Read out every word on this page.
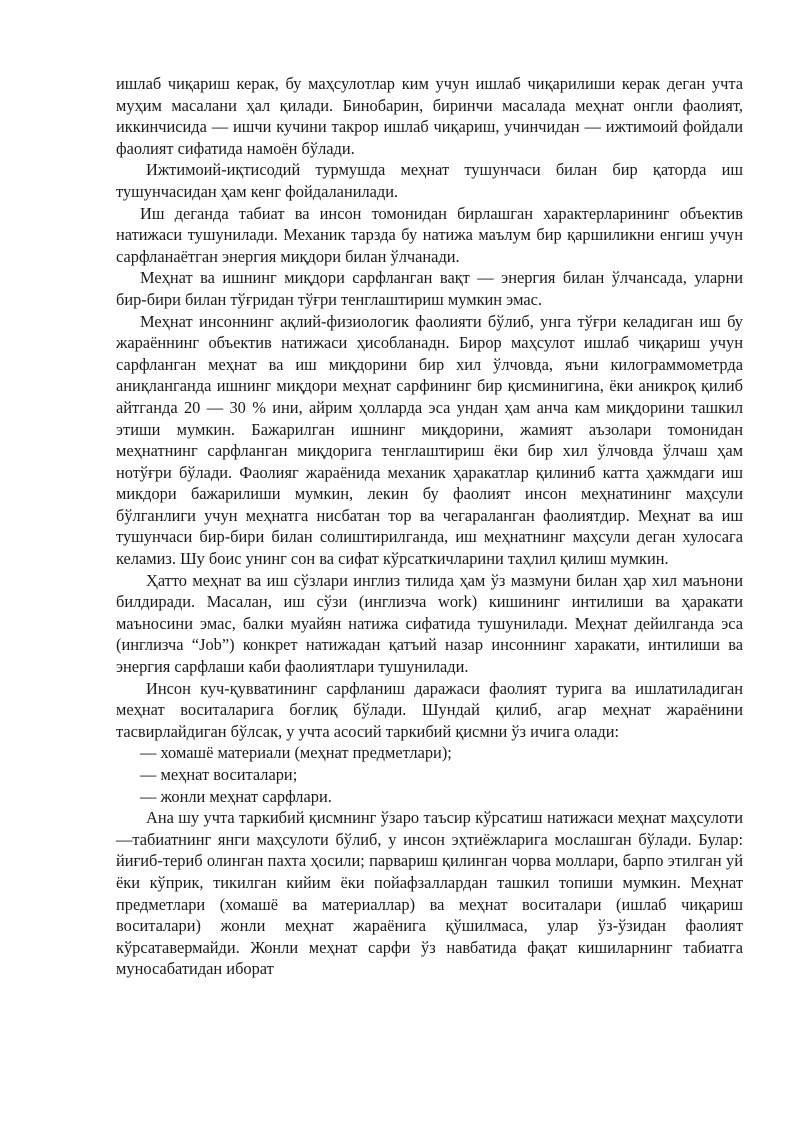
ишлаб чиқариш керак, бу маҳсулотлар ким учун ишлаб чиқарилиши керак деган учта муҳим масалани ҳал қилади. Бинобарин, биринчи масалада меҳнат онгли фаолият, иккинчисида — ишчи кучини такрор ишлаб чиқариш, учинчидан — ижтимоий фойдали фаолият сифатида намоён бўлади.

Ижтимоий-иқтисодий турмушда меҳнат тушунчаси билан бир қаторда иш тушунчасидан ҳам кенг фойдаланилади.

Иш деганда табиат ва инсон томонидан бирлашган характерларининг объектив натижаси тушунилади. Механик тарзда бу натижа маълум бир қаршиликни енгиш учун сарфланаётган энергия миқдори билан ўлчанади.

Меҳнат ва ишнинг миқдори сарфланган вақт — энергия билан ўлчансада, уларни бир-бири билан тўғридан тўғри тенглаштириш мумкин эмас.

Меҳнат инсоннинг ақлий-физиологик фаолияти бўлиб, унга тўғри келадиган иш бу жараённинг объектив натижаси ҳисобланадн. Бирор маҳсулот ишлаб чиқариш учун сарфланган меҳнат ва иш миқдорини бир хил ўлчовда, яъни килограммометрда аниқланганда ишнинг миқдори меҳнат сарфининг бир қисминигина, ёки аникроқ қилиб айтганда 20 — 30 % ини, айрим ҳолларда эса ундан ҳам анча кам миқдорини ташкил этиши мумкин. Бажарилган ишнинг миқдорини, жамият аъзолари томонидан меҳнатнинг сарфланган миқдорига тенглаштириш ёки бир хил ўлчовда ўлчаш ҳам нотўғри бўлади. Фаолияг жараёнида механик ҳаракатлар қилиниб катта ҳажмдаги иш микдори бажарилиши мумкин, лекин бу фаолият инсон меҳнатининг маҳсули бўлганлиги учун меҳнатга нисбатан тор ва чегараланган фаолиятдир. Меҳнат ва иш тушунчаси бир-бири билан солиштирилганда, иш меҳнатнинг маҳсули деган хулосага келамиз. Шу боис унинг сон ва сифат кўрсаткичларини таҳлил қилиш мумкин.

Ҳатто меҳнат ва иш сўзлари инглиз тилида ҳам ўз мазмуни билан ҳар хил маънони билдиради. Масалан, иш сўзи (инглизча work) кишининг интилиши ва ҳаракати маъносини эмас, балки муайян натижа сифатида тушунилади. Меҳнат дейилганда эса (инглизча “Job”) конкрет натижадан қатъий назар инсоннинг харакати, интилиши ва энергия сарфлаши каби фаолиятлари тушунилади.

Инсон куч-қувватининг сарфланиш даражаси фаолият турига ва ишлатиладиган меҳнат воситаларига боғлиқ бўлади. Шундай қилиб, агар меҳнат жараёнини тасвирлайдиган бўлсак, у учта асосий таркибий қисмни ўз ичига олади:

— хомашё материали (меҳнат предметлари);
— меҳнат воситалари;
— жонли меҳнат сарфлари.

Ана шу учта таркибий қисмнинг ўзаро таъсир кўрсатиш натижаси меҳнат маҳсулоти —табиатнинг янги маҳсулоти бўлиб, у инсон эҳтиёжларига мослашган бўлади. Булар: йиғиб-териб олинган пахта ҳосили; парвариш қилинган чорва моллари, барпо этилган уй ёки кўприк, тикилган кийим ёки пойафзаллардан ташкил топиши мумкин. Меҳнат предметлари (хомашё ва материаллар) ва меҳнат воситалари (ишлаб чиқариш воситалари) жонли меҳнат жараёнига қўшилмаса, улар ўз-ўзидан фаолият кўрсатавермайди. Жонли меҳнат сарфи ўз навбатида фақат кишиларнинг табиатга муносабатидан иборат
